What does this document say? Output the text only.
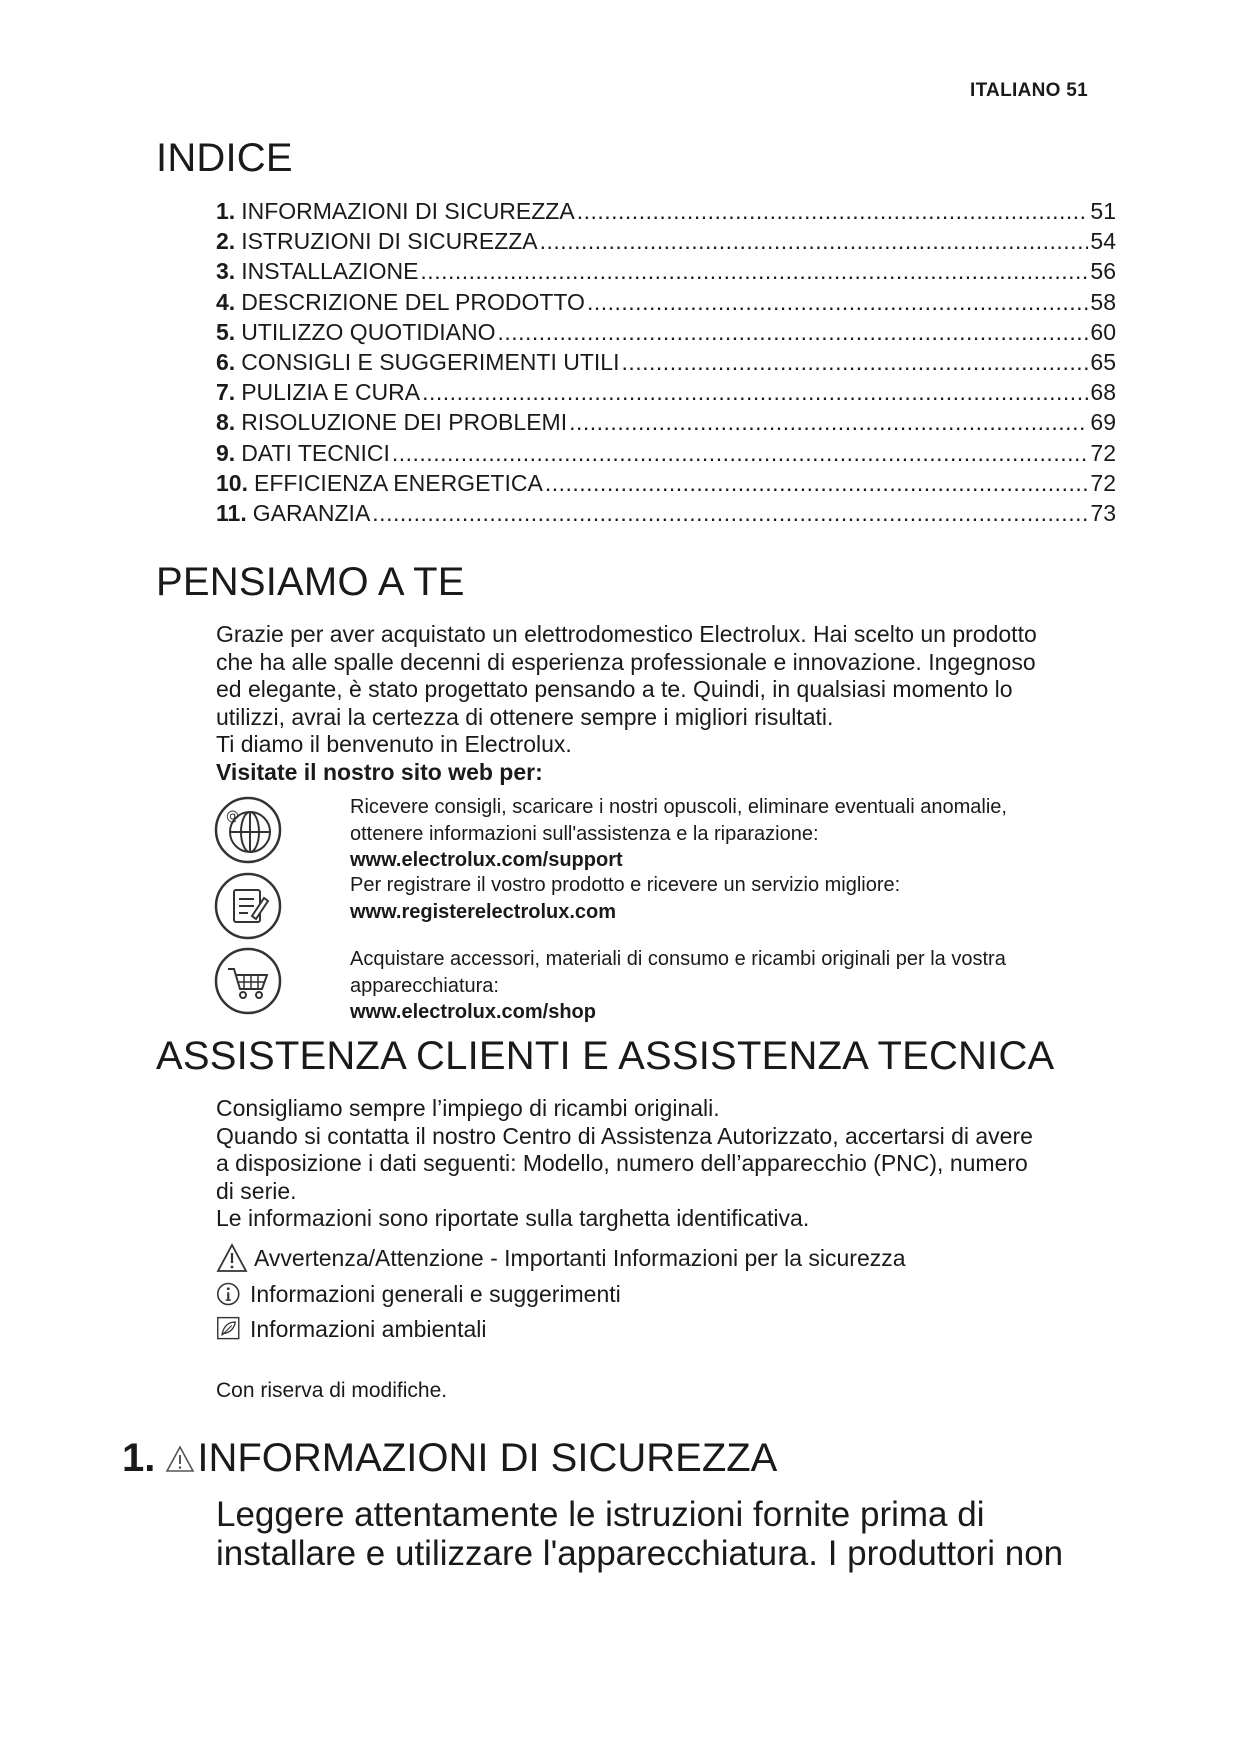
ITALIANO 51
INDICE
1. INFORMAZIONI DI SICUREZZA .....	51
2. ISTRUZIONI DI SICUREZZA .....	54
3. INSTALLAZIONE .....	56
4. DESCRIZIONE DEL PRODOTTO .....	58
5. UTILIZZO QUOTIDIANO .....	60
6. CONSIGLI E SUGGERIMENTI UTILI .....	65
7. PULIZIA E CURA .....	68
8. RISOLUZIONE DEI PROBLEMI .....	69
9. DATI TECNICI .....	72
10. EFFICIENZA ENERGETICA .....	72
11. GARANZIA .....	73
PENSIAMO A TE

Grazie per aver acquistato un elettrodomestico Electrolux. Hai scelto un prodotto

che ha alle spalle decenni di esperienza professionale e innovazione. Ingegnoso

ed elegante, è stato progettato pensando a te. Quindi, in qualsiasi momento lo

utilizzi, avrai la certezza di ottenere sempre i migliori risultati.

Ti diamo il benvenuto in Electrolux.

Visitate il nostro sito web per:

@	Ricevere consigli, scaricare i nostri opuscoli, eliminare eventuali anomalie,
ottenere informazioni sull'assistenza e la riparazione:
www.electrolux.com/support
Per registrare il vostro prodotto e ricevere un servizio migliore:
www.registerelectrolux.com
Acquistare accessori, materiali di consumo e ricambi originali per la vostra
apparecchiatura:
www.electrolux.com/shop
ASSISTENZA CLIENTI E ASSISTENZA TECNICA

Consigliamo sempre l’impiego di ricambi originali.

Quando si contatta il nostro Centro di Assistenza Autorizzato, accertarsi di avere

a disposizione i dati seguenti: Modello, numero dell’apparecchio (PNC), numero

di serie.

Le informazioni sono riportate sulla targhetta identificativa.

Avvertenza/Attenzione - Importanti Informazioni per la sicurezza
Informazioni generali e suggerimenti
Informazioni ambientali
Con riserva di modifiche.
1. INFORMAZIONI DI SICUREZZA

Leggere attentamente le istruzioni fornite prima di

installare e utilizzare l'apparecchiatura. I produttori non
